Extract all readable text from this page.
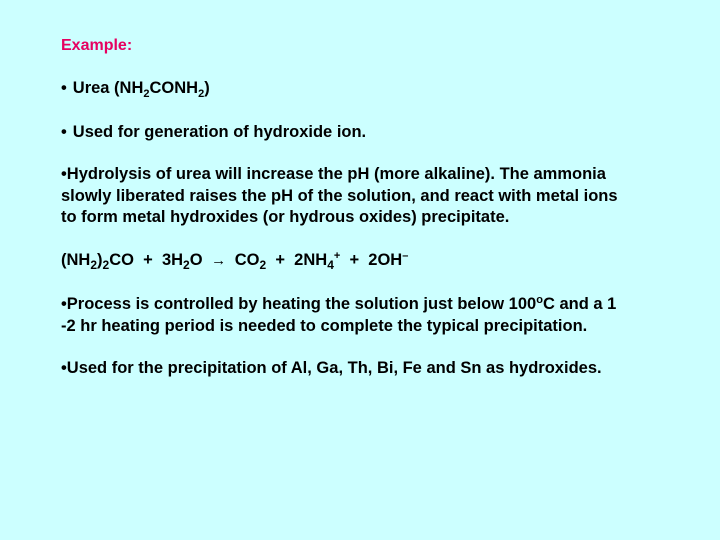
Example:
• Urea $(NH_2CONH_2)$
• Used for generation of hydroxide ion.
•Hydrolysis of urea will increase the pH (more alkaline). The ammonia
slowly liberated raises the pH of the solution, and react with metal ions
to form metal hydroxides (or hydrous oxides) precipitate.
$(NH_2)_2CO + 3H_2O \to CO_2 + 2NH_4^+ + 2OH^-$
•Process is controlled by heating the solution just below 100$^o$C and a 1
-2 hr heating period is needed to complete the typical precipitation.
•Used for the precipitation of Al, Ga, Th, Bi, Fe and Sn as hydroxides.
